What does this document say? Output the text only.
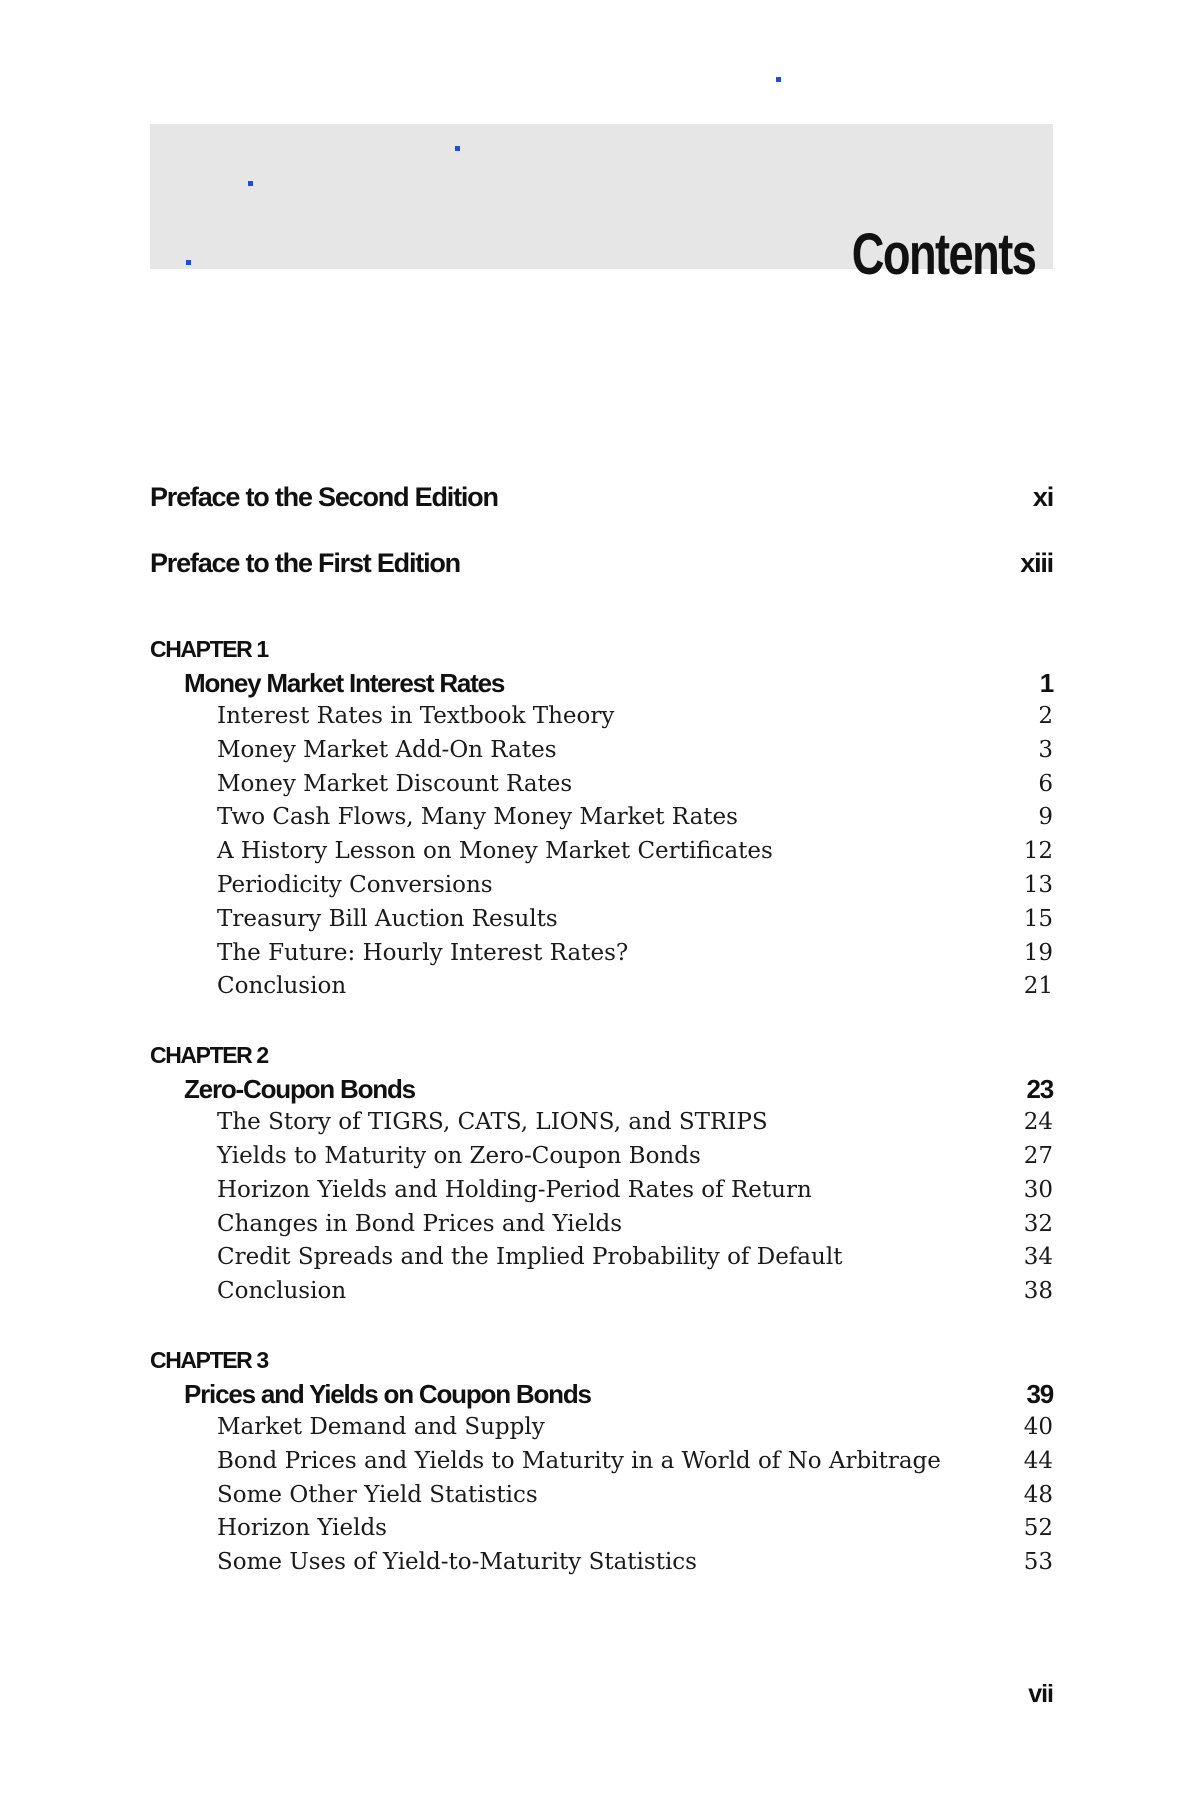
Contents
Preface to the Second Edition	xi
Preface to the First Edition	xiii
CHAPTER 1
Money Market Interest Rates	1
Interest Rates in Textbook Theory	2
Money Market Add-On Rates	3
Money Market Discount Rates	6
Two Cash Flows, Many Money Market Rates	9
A History Lesson on Money Market Certificates	12
Periodicity Conversions	13
Treasury Bill Auction Results	15
The Future: Hourly Interest Rates?	19
Conclusion	21
CHAPTER 2
Zero-Coupon Bonds	23
The Story of TIGRS, CATS, LIONS, and STRIPS	24
Yields to Maturity on Zero-Coupon Bonds	27
Horizon Yields and Holding-Period Rates of Return	30
Changes in Bond Prices and Yields	32
Credit Spreads and the Implied Probability of Default	34
Conclusion	38
CHAPTER 3
Prices and Yields on Coupon Bonds	39
Market Demand and Supply	40
Bond Prices and Yields to Maturity in a World of No Arbitrage	44
Some Other Yield Statistics	48
Horizon Yields	52
Some Uses of Yield-to-Maturity Statistics	53
vii
